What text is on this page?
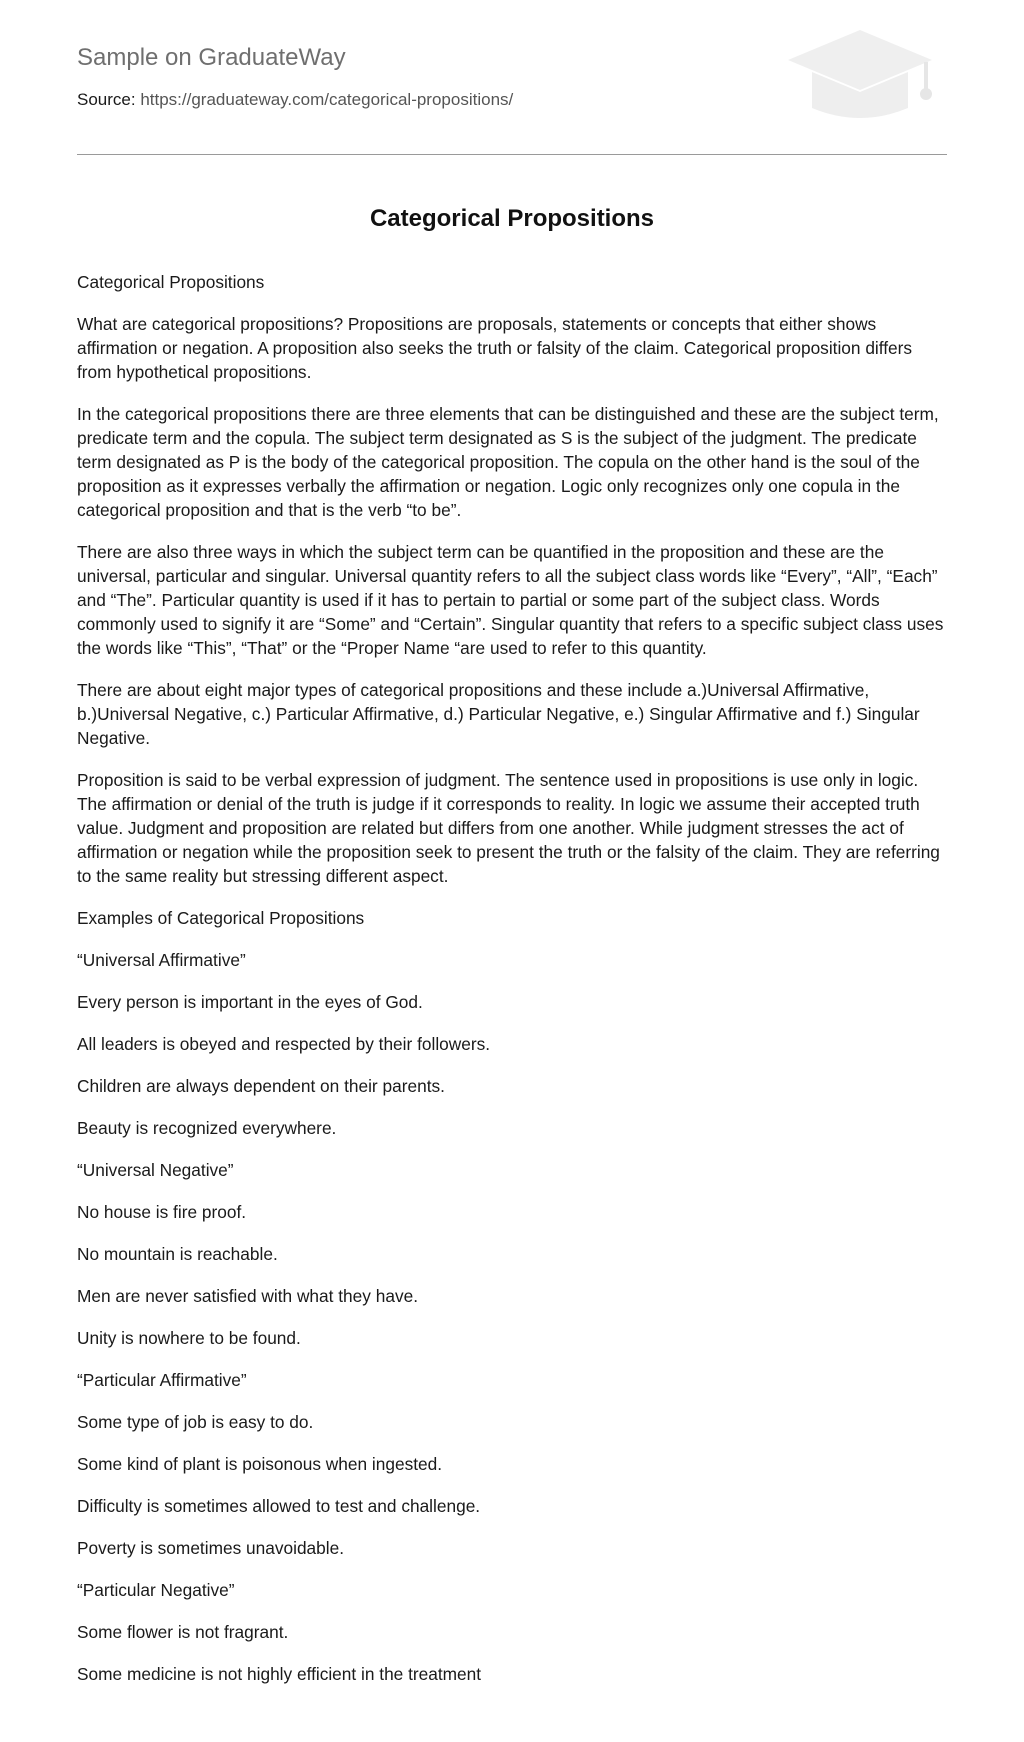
Sample on GraduateWay
Source: https://graduateway.com/categorical-propositions/
Categorical Propositions

Categorical Propositions

What are categorical propositions? Propositions are proposals, statements or concepts that either shows affirmation or negation. A proposition also seeks the truth or falsity of the claim. Categorical proposition differs from hypothetical propositions.

In the categorical propositions there are three elements that can be distinguished and these are the subject term, predicate term and the copula. The subject term designated as S is the subject of the judgment. The predicate term designated as P is the body of the categorical proposition. The copula on the other hand is the soul of the proposition as it expresses verbally the affirmation or negation. Logic only recognizes only one copula in the categorical proposition and that is the verb “to be”.

There are also three ways in which the subject term can be quantified in the proposition and these are the universal, particular and singular. Universal quantity refers to all the subject class words like “Every”, “All”, “Each” and “The”. Particular quantity is used if it has to pertain to partial or some part of the subject class. Words commonly used to signify it are “Some” and “Certain”. Singular quantity that refers to a specific subject class uses the words like “This”, “That” or the “Proper Name “are used to refer to this quantity.

There are about eight major types of categorical propositions and these include a.)Universal Affirmative, b.)Universal Negative, c.) Particular Affirmative, d.) Particular Negative, e.) Singular Affirmative and f.) Singular Negative.

Proposition is said to be verbal expression of judgment. The sentence used in propositions is use only in logic. The affirmation or denial of the truth is judge if it corresponds to reality. In logic we assume their accepted truth value. Judgment and proposition are related but differs from one another. While judgment stresses the act of affirmation or negation while the proposition seek to present the truth or the falsity of the claim. They are referring to the same reality but stressing different aspect.

Examples of Categorical Propositions

“Universal Affirmative”

Every person is important in the eyes of God.

All leaders is obeyed and respected by their followers.

Children are always dependent on their parents.

Beauty is recognized everywhere.

“Universal Negative”

No house is fire proof.

No mountain is reachable.

Men are never satisfied with what they have.

Unity is nowhere to be found.

“Particular Affirmative”

Some type of job is easy to do.

Some kind of plant is poisonous when ingested.

Difficulty is sometimes allowed to test and challenge.

Poverty is sometimes unavoidable.

“Particular Negative”

Some flower is not fragrant.

Some medicine is not highly efficient in the treatment
